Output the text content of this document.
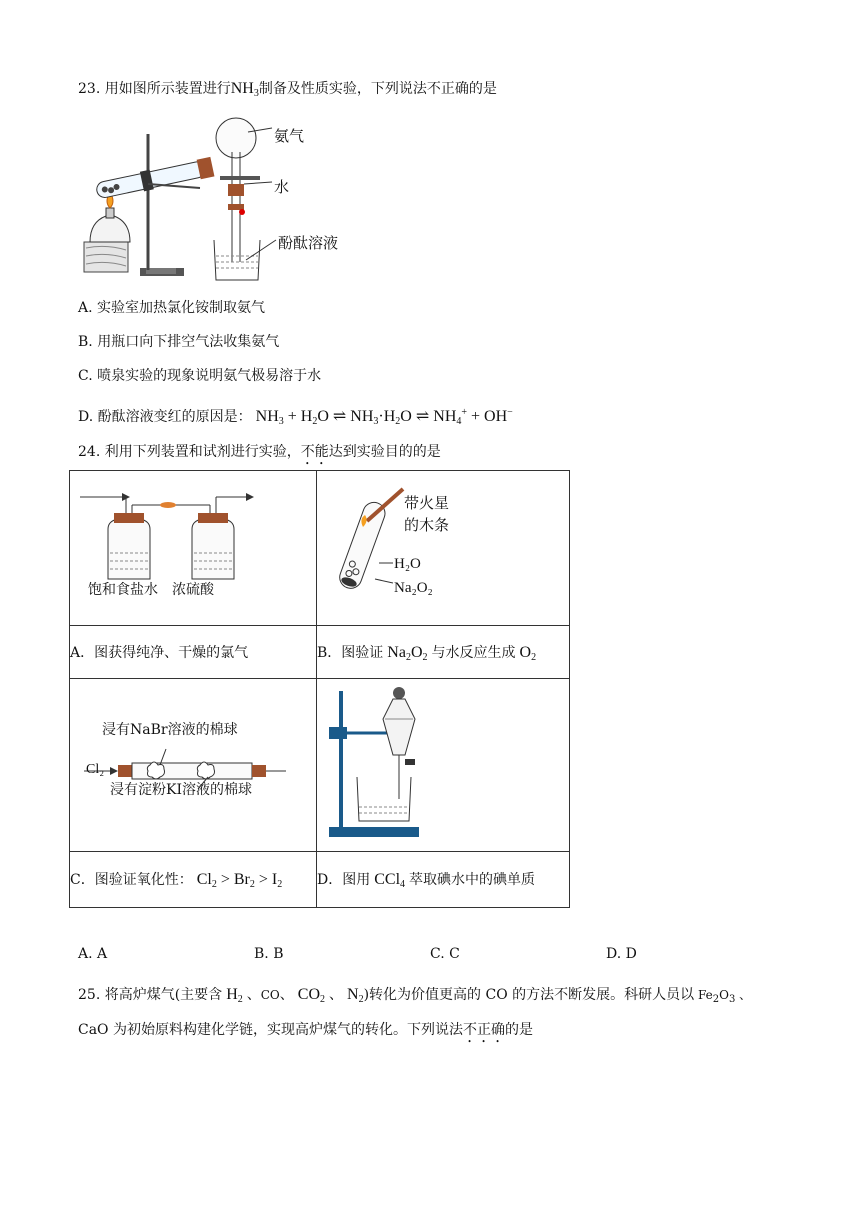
23. 用如图所示装置进行$NH_3$制备及性质实验，下列说法不正确的是
氨气
水
酚酞溶液
A. 实验室加热氯化铵制取氨气
B. 用瓶口向下排空气法收集氨气
C. 喷泉实验的现象说明氨气极易溶于水
D. 酚酞溶液变红的原因是： $NH_3 + H_2O$ ⇌ $NH_3\cdot H_2O$ ⇌ $NH_4^+ + OH^-$
24. 利用下列装置和试剂进行实验，不能达到实验目的的是

A．图获得纯净、干燥的氯气	B．图验证 $Na_2O_2$ 与水反应生成 $O_2$

C．图验证氧化性： $Cl_2 > Br_2 > I_2$	D．图用 CCl$_4$ 萃取碘水中的碘单质
饱和食盐水 浓硫酸
带火星
的木条
H₂O
Na₂O₂
浸有NaBr溶液的棉球
浸有淀粉KI溶液的棉球
Cl₂
A. A	B. B	C. C	D. D
25. 将高炉煤气(主要含 $H_2$ 、CO、 $CO_2$ 、 $N_2$)转化为价值更高的 CO 的方法不断发展。科研人员以 $Fe_2O_3$ 、
CaO 为初始原料构建化学链，实现高炉煤气的转化。下列说法不正确的是
